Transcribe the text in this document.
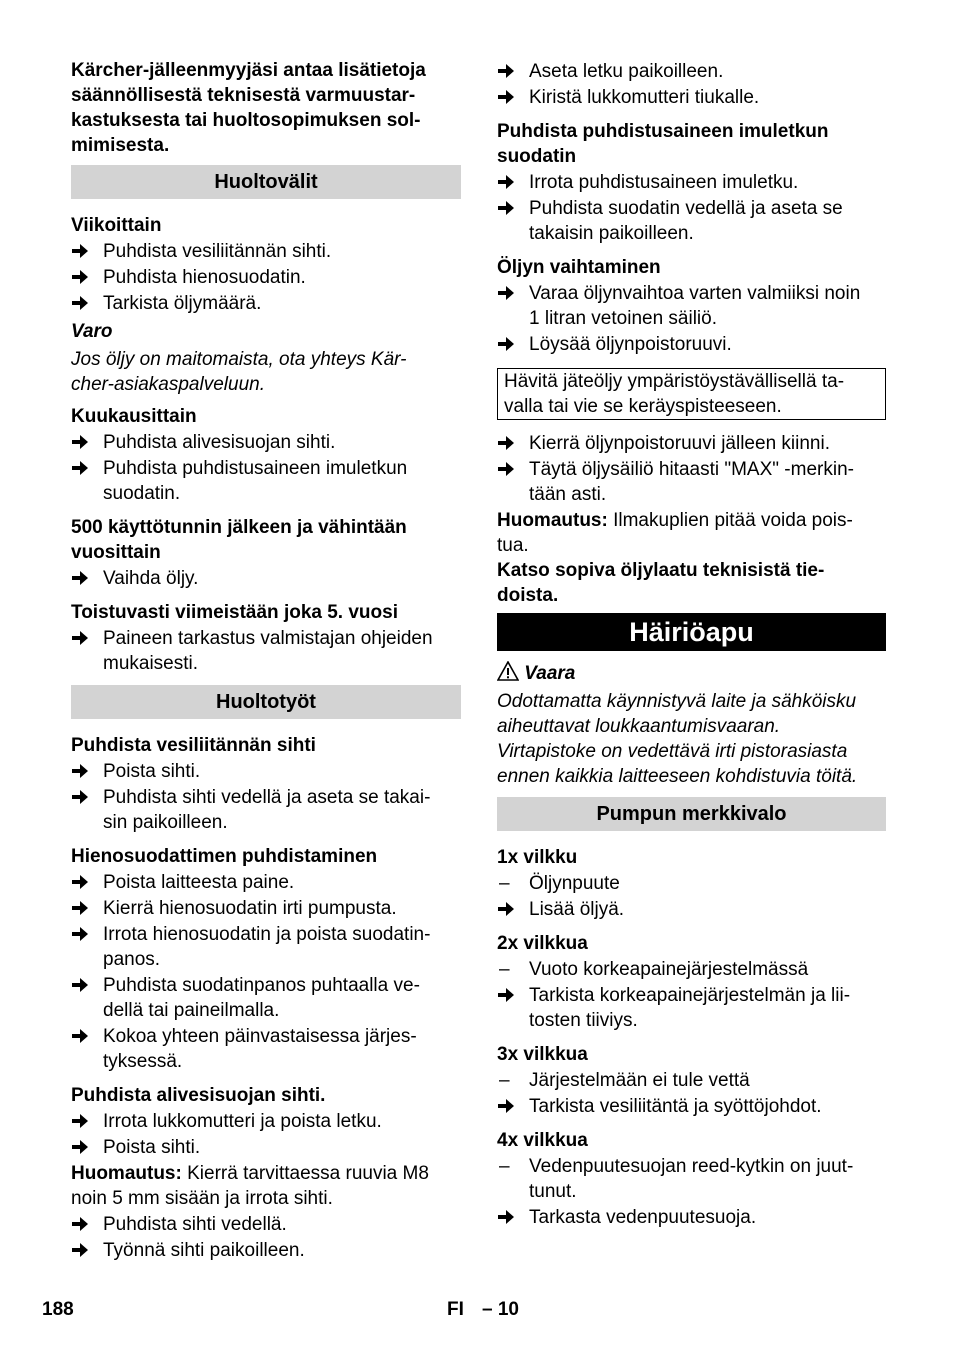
Kärcher-jälleenmyyjäsi antaa lisätietoja
säännöllisestä teknisestä varmuustar-
kastuksesta tai huoltosopimuksen sol-
mimisesta.
Huoltovälit
Viikoittain
Puhdista vesiliitännän sihti.
Puhdista hienosuodatin.
Tarkista öljymäärä.
Varo
Jos öljy on maitomaista, ota yhteys Kär-
cher-asiakaspalveluun.
Kuukausittain
Puhdista alivesisuojan sihti.
Puhdista puhdistusaineen imuletkun
suodatin.
500 käyttötunnin jälkeen ja vähintään
vuosittain
Vaihda öljy.
Toistuvasti viimeistään joka 5. vuosi
Paineen tarkastus valmistajan ohjeiden
mukaisesti.
Huoltotyöt
Puhdista vesiliitännän sihti
Poista sihti.
Puhdista sihti vedellä ja aseta se takai-
sin paikoilleen.
Hienosuodattimen puhdistaminen
Poista laitteesta paine.
Kierrä hienosuodatin irti pumpusta.
Irrota hienosuodatin ja poista suodatin-
panos.
Puhdista suodatinpanos puhtaalla ve-
dellä tai paineilmalla.
Kokoa yhteen päinvastaisessa järjes-
tyksessä.
Puhdista alivesisuojan sihti.
Irrota lukkomutteri ja poista letku.
Poista sihti.
Huomautus: Kierrä tarvittaessa ruuvia M8
noin 5 mm sisään ja irrota sihti.
Puhdista sihti vedellä.
Työnnä sihti paikoilleen.
Aseta letku paikoilleen.
Kiristä lukkomutteri tiukalle.
Puhdista puhdistusaineen imuletkun
suodatin
Irrota puhdistusaineen imuletku.
Puhdista suodatin vedellä ja aseta se
takaisin paikoilleen.
Öljyn vaihtaminen
Varaa öljynvaihtoa varten valmiiksi noin
1 litran vetoinen säiliö.
Löysää öljynpoistoruuvi.
Hävitä jäteöljy ympäristöystävällisellä ta-
valla tai vie se keräyspisteeseen.
Kierrä öljynpoistoruuvi jälleen kiinni.
Täytä öljysäiliö hitaasti "MAX" -merkin-
tään asti.
Huomautus: Ilmakuplien pitää voida pois-
tua.
Katso sopiva öljylaatu teknisistä tie-
doista.
Häiriöapu
Vaara
Odottamatta käynnistyvä laite ja sähköisku
aiheuttavat loukkaantumisvaaran.
Virtapistoke on vedettävä irti pistorasiasta
ennen kaikkia laitteeseen kohdistuvia töitä.
Pumpun merkkivalo
1x vilkku
– Öljynpuute
Lisää öljyä.
2x vilkkua
– Vuoto korkeapainejärjestelmässä
Tarkista korkeapainejärjestelmän ja lii-
tosten tiiviys.
3x vilkkua
– Järjestelmään ei tule vettä
Tarkista vesiliitäntä ja syöttöjohdot.
4x vilkkua
– Vedenpuutesuojan reed-kytkin on juut-
tunut.
Tarkasta vedenpuutesuoja.
188	FI – 10
